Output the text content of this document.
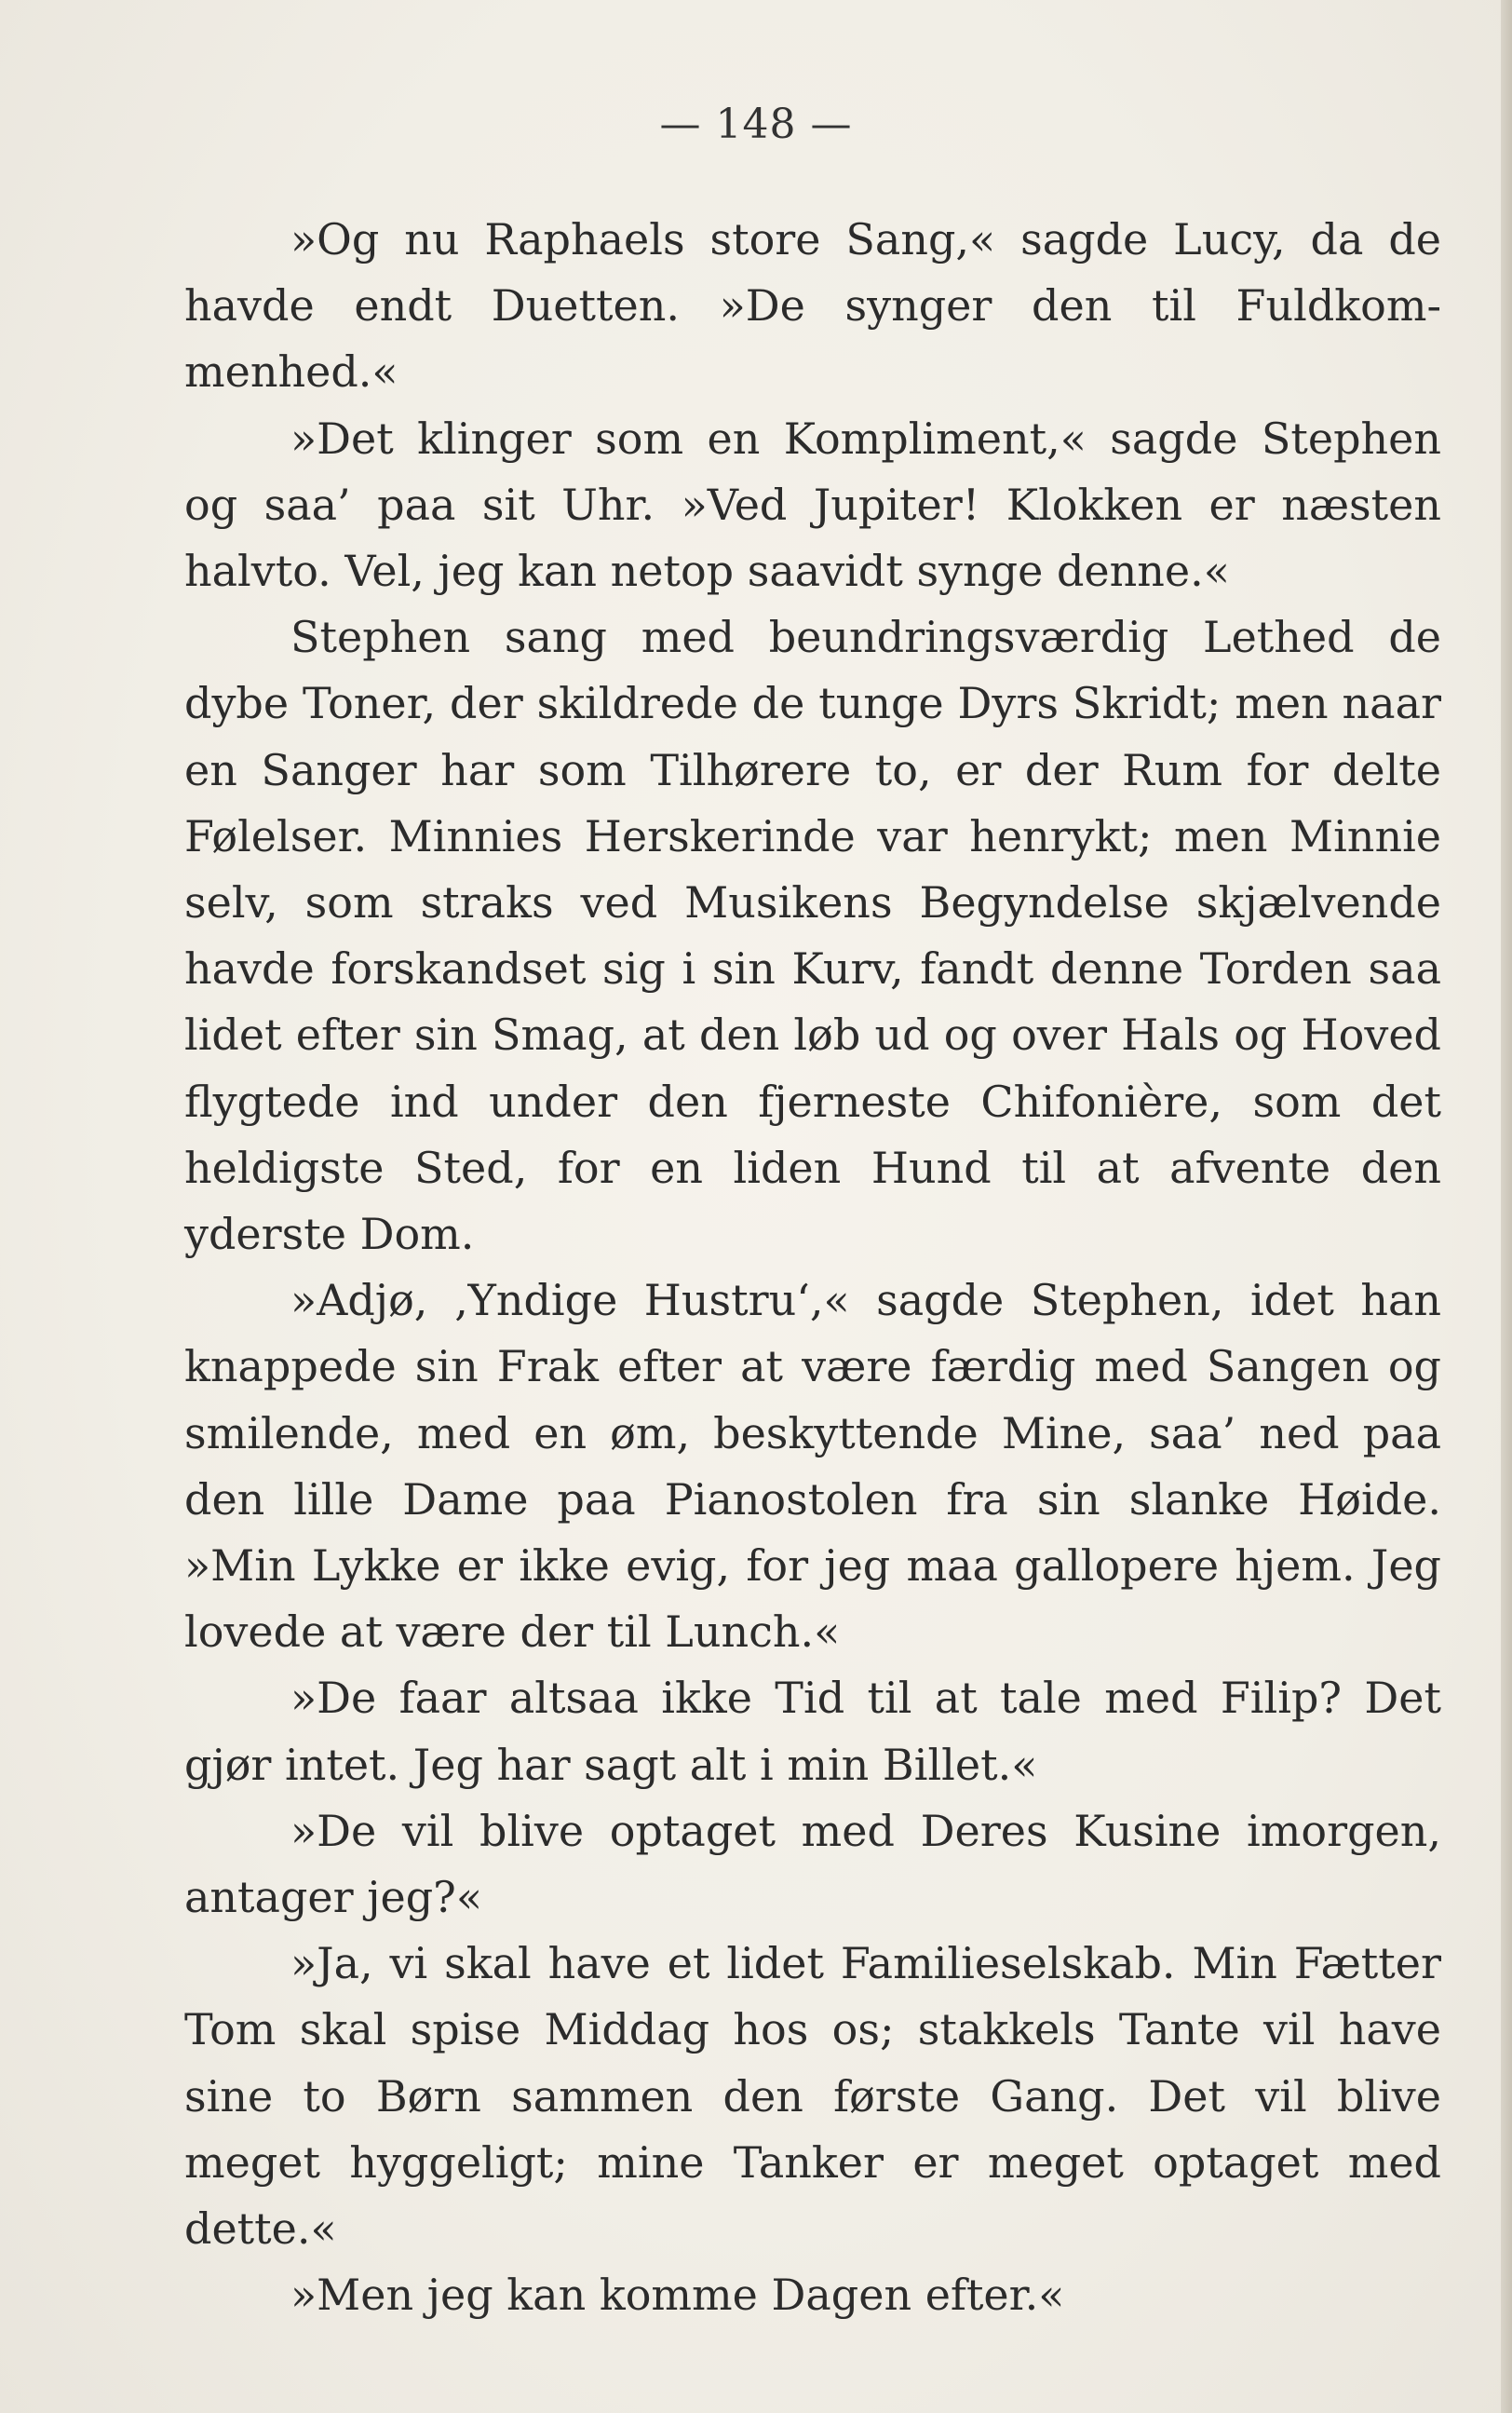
— 148 —

»Og nu Raphaels store Sang,« sagde Lucy, da de havde endt Duetten. »De synger den til Fuldkommenhed.«

»Det klinger som en Kompliment,« sagde Stephen og saa’ paa sit Uhr. »Ved Jupiter! Klokken er næsten halvto. Vel, jeg kan netop saavidt synge denne.«

Stephen sang med beundringsværdig Lethed de dybe Toner, der skildrede de tunge Dyrs Skridt; men naar en Sanger har som Tilhørere to, er der Rum for delte Følelser. Minnies Herskerinde var henrykt; men Minnie selv, som straks ved Musikens Begyndelse skjælvende havde forskandset sig i sin Kurv, fandt denne Torden saa lidet efter sin Smag, at den løb ud og over Hals og Hoved flygtede ind under den fjerneste Chifonière, som det heldigste Sted, for en liden Hund til at afvente den yderste Dom.

»Adjø, ‚Yndige Hustru‘,« sagde Stephen, idet han knappede sin Frak efter at være færdig med Sangen og smilende, med en øm, beskyttende Mine, saa’ ned paa den lille Dame paa Pianostolen fra sin slanke Høide. »Min Lykke er ikke evig, for jeg maa gallopere hjem. Jeg lovede at være der til Lunch.«

»De faar altsaa ikke Tid til at tale med Filip? Det gjør intet. Jeg har sagt alt i min Billet.«

»De vil blive optaget med Deres Kusine imorgen, antager jeg?«

»Ja, vi skal have et lidet Familieselskab. Min Fætter Tom skal spise Middag hos os; stakkels Tante vil have sine to Børn sammen den første Gang. Det vil blive meget hyggeligt; mine Tanker er meget optaget med dette.«

»Men jeg kan komme Dagen efter.«
